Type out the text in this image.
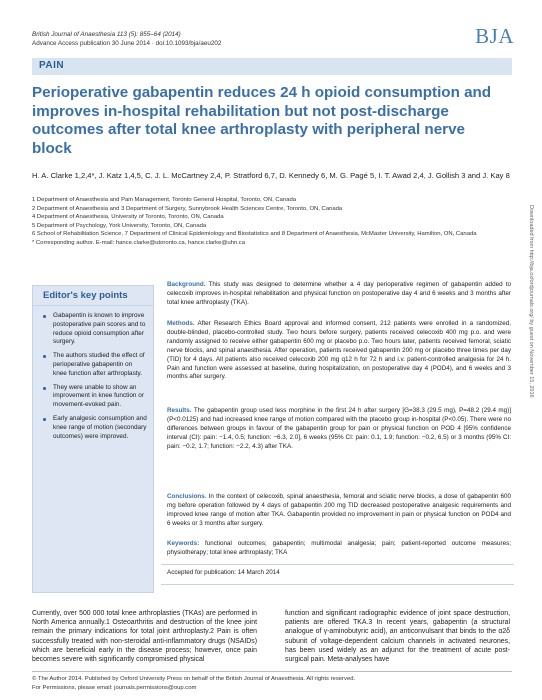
British Journal of Anaesthesia 113 (5): 855–64 (2014)
Advance Access publication 30 June 2014 · doi:10.1093/bja/aeu202	BJA
PAIN
Perioperative gabapentin reduces 24 h opioid consumption and improves in-hospital rehabilitation but not post-discharge outcomes after total knee arthroplasty with peripheral nerve block
H. A. Clarke 1,2,4*, J. Katz 1,4,5, C. J. L. McCartney 2,4, P. Stratford 6,7, D. Kennedy 6, M. G. Pagé 5, I. T. Awad 2,4, J. Gollish 3 and J. Kay 8
1 Department of Anaesthesia and Pain Management, Toronto General Hospital, Toronto, ON, Canada
2 Department of Anaesthesia and 3 Department of Surgery, Sunnybrook Health Sciences Centre, Toronto, ON, Canada
4 Department of Anaesthesia, University of Toronto, Toronto, ON, Canada
5 Department of Psychology, York University, Toronto, ON, Canada
6 School of Rehabilitation Science, 7 Department of Clinical Epidemiology and Biostatistics and 8 Department of Anaesthesia, McMaster University, Hamilton, ON, Canada
* Corresponding author. E-mail: hance.clarke@utoronto.ca, hance.clarke@uhn.ca	Downloaded from http://bja.oxfordjournals.org/ by guest on November 15, 2016
Editor's key points
Gabapentin is known to improve postoperative pain scores and to reduce opioid consumption after surgery.
The authors studied the effect of perioperative gabapentin on knee function after arthroplasty.
They were unable to show an improvement in knee function or movement-evoked pain.
Early analgesic consumption and knee range of motion (secondary outcomes) were improved.
Background. This study was designed to determine whether a 4 day perioperative regimen of gabapentin added to celecoxib improves in-hospital rehabilitation and physical function on postoperative day 4 and 6 weeks and 3 months after total knee arthroplasty (TKA).
Methods. After Research Ethics Board approval and informed consent, 212 patients were enrolled in a randomized, double-blinded, placebo-controlled study. Two hours before surgery, patients received celecoxib 400 mg p.o. and were randomly assigned to receive either gabapentin 600 mg or placebo p.o. Two hours later, patients received femoral, sciatic nerve blocks, and spinal anaesthesia. After operation, patients received gabapentin 200 mg or placebo three times per day (TID) for 4 days. All patients also received celecoxib 200 mg q12 h for 72 h and i.v. patient-controlled analgesia for 24 h. Pain and function were assessed at baseline, during hospitalization, on postoperative day 4 (POD4), and 6 weeks and 3 months after surgery.
Results. The gabapentin group used less morphine in the first 24 h after surgery [G=38.3 (29.5 mg), P=48.2 (29.4 mg)] (P<0.0125) and had increased knee range of motion compared with the placebo group in-hospital (P<0.05). There were no differences between groups in favour of the gabapentin group for pain or physical function on POD 4 [95% confidence interval (CI): pain: −1.4, 0.5; function: −6.3, 2.0], 6 weeks (95% CI: pain: 0.1, 1.9; function: −0.2, 6.5) or 3 months (95% CI: pain: −0.2, 1.7; function: −2.2, 4.3) after TKA.
Conclusions. In the context of celecoxib, spinal anaesthesia, femoral and sciatic nerve blocks, a dose of gabapentin 600 mg before operation followed by 4 days of gabapentin 200 mg TID decreased postoperative analgesic requirements and improved knee range of motion after TKA. Gabapentin provided no improvement in pain or physical function on POD4 and 6 weeks or 3 months after surgery.
Keywords: functional outcomes; gabapentin; multimodal analgesia; pain; patient-reported outcome measures; physiotherapy; total knee arthroplasty; TKA
Accepted for publication: 14 March 2014
Currently, over 500 000 total knee arthroplasties (TKAs) are performed in North America annually.1 Osteoarthritis and destruction of the knee joint remain the primary indications for total joint arthroplasty.2 Pain is often successfully treated with non-steroidal anti-inflammatory drugs (NSAIDs) which are beneficial early in the disease process; however, once pain becomes severe with significantly compromised physical
function and significant radiographic evidence of joint space destruction, patients are offered TKA.3 In recent years, gabapentin (a structural analogue of γ-aminobutyric acid), an anticonvulsant that binds to the α2δ subunit of voltage-dependent calcium channels in activated neurones, has been used widely as an adjunct for the treatment of acute post-surgical pain. Meta-analyses have
© The Author 2014. Published by Oxford University Press on behalf of the British Journal of Anaesthesia. All rights reserved.
For Permissions, please email: journals.permissions@oup.com
